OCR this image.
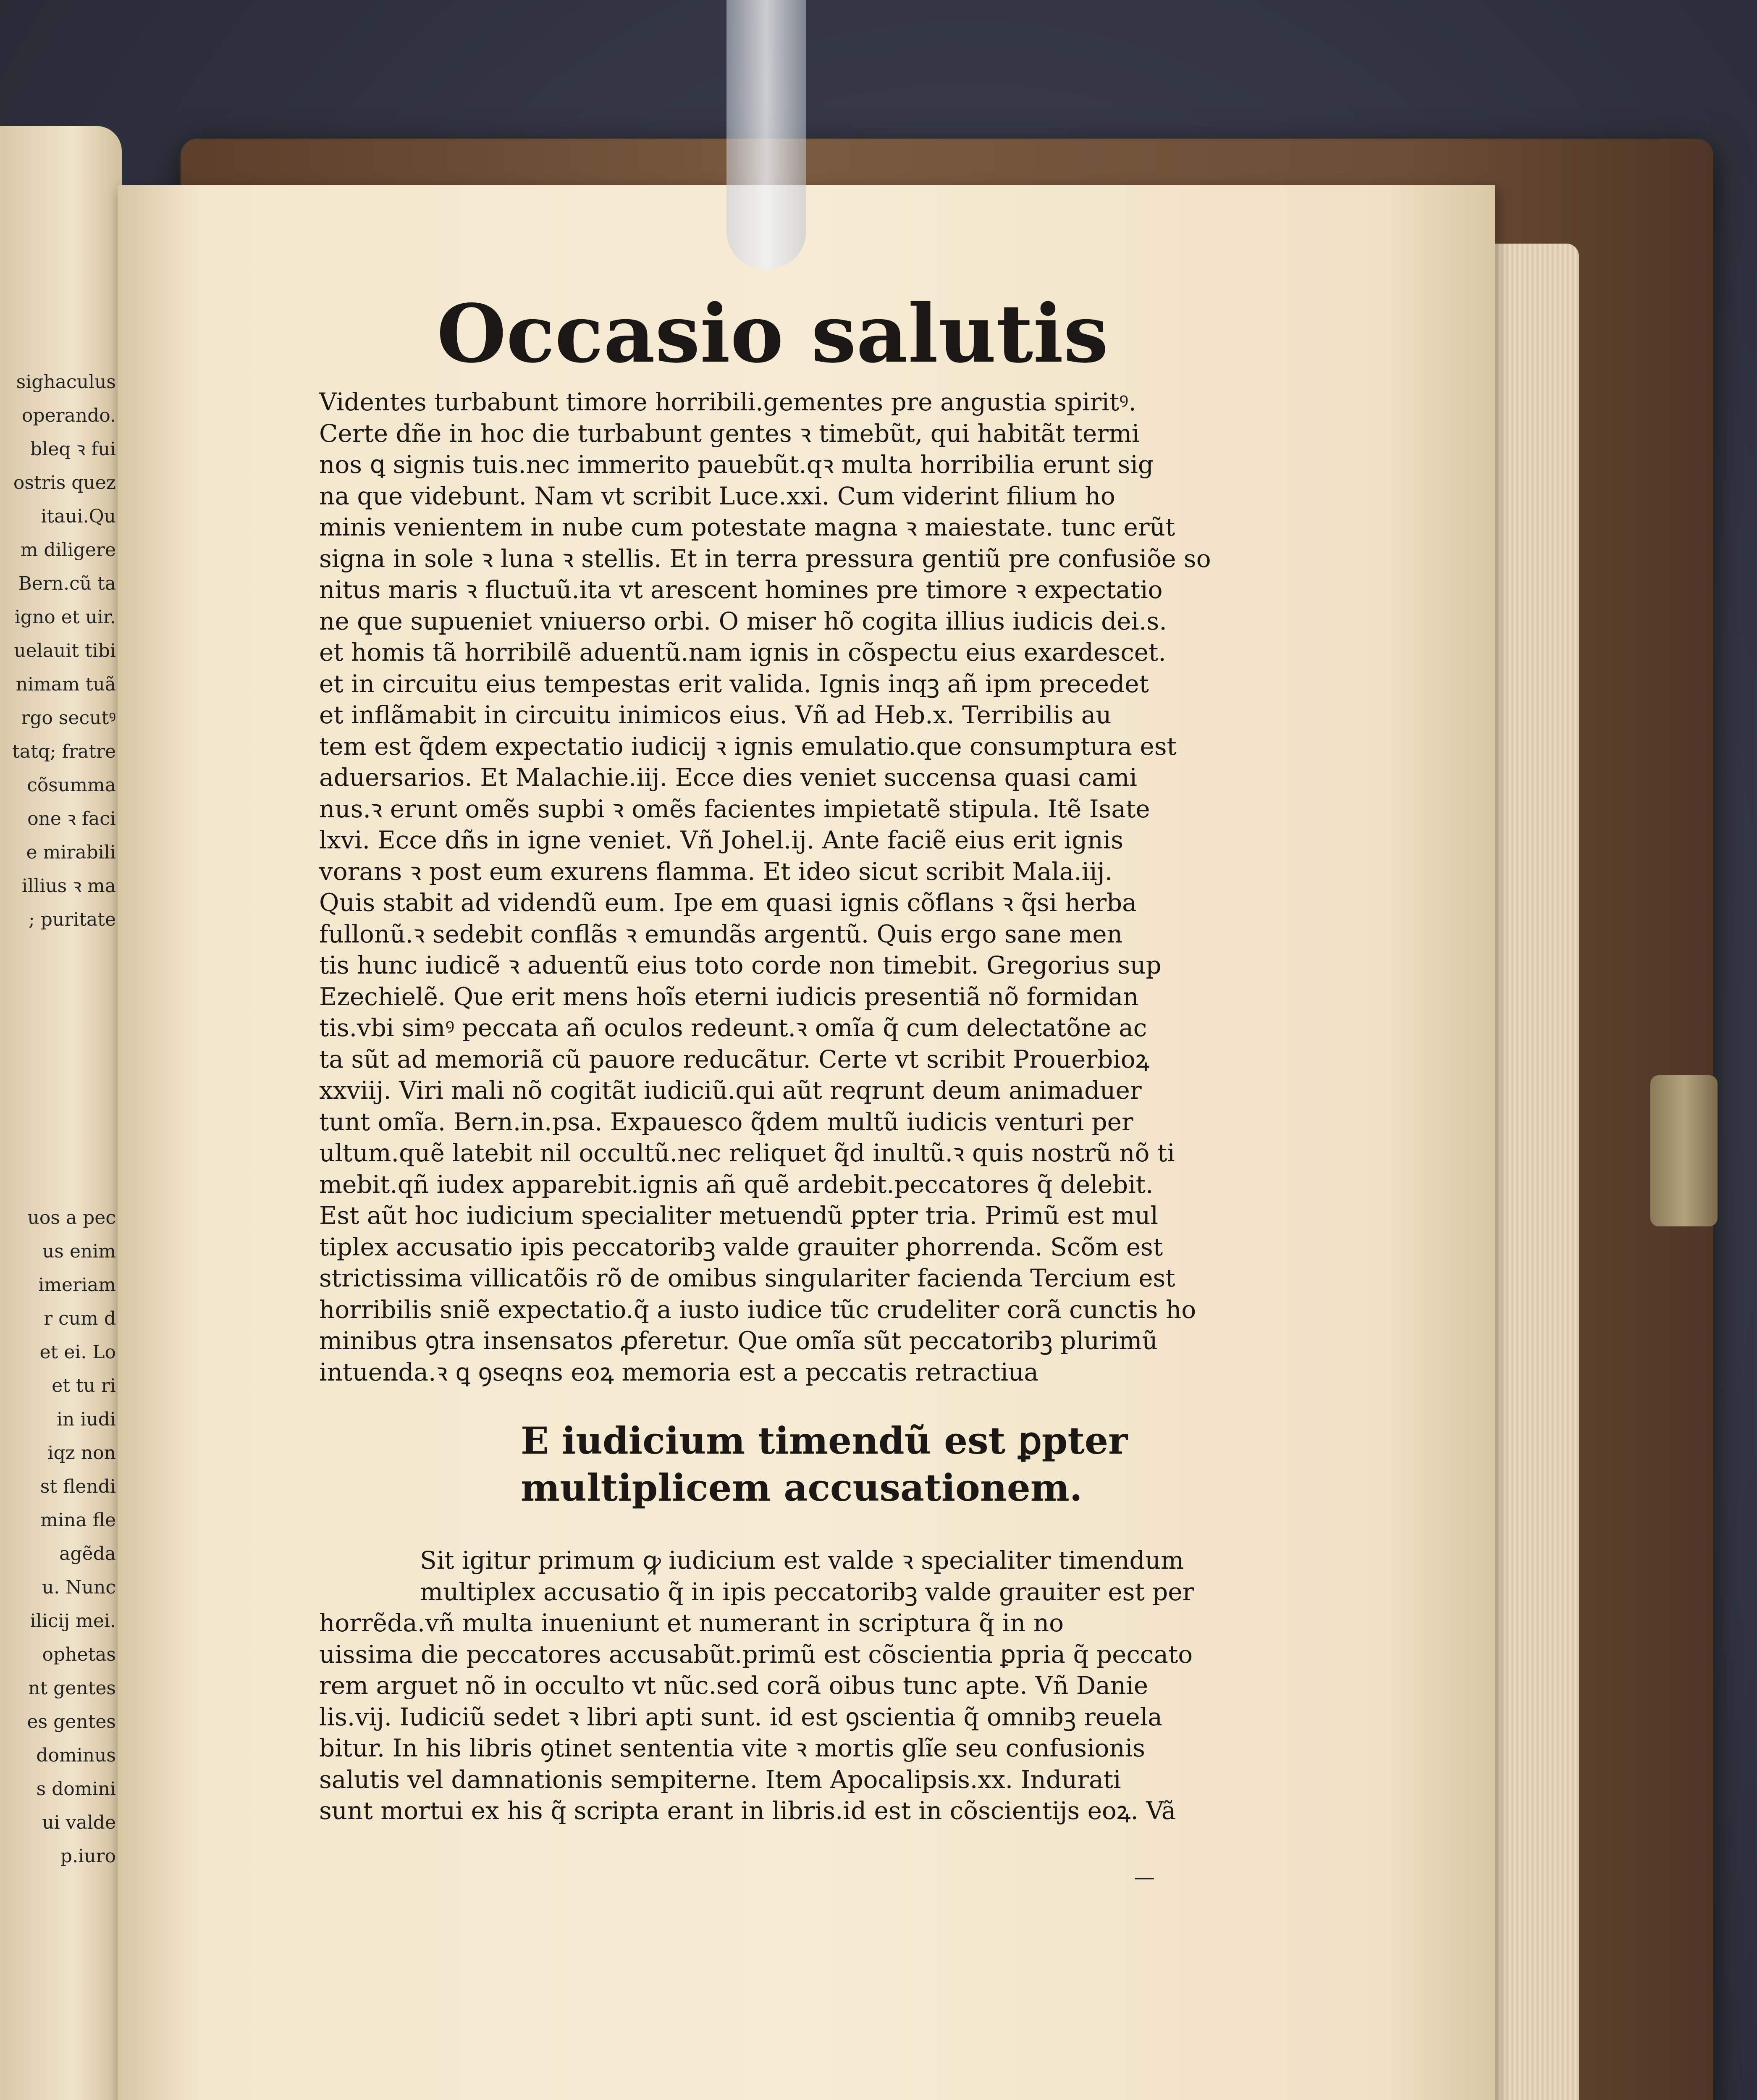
sighaculus
operando.
bleq ꝛ fui
ostris quez
itaui.Qu
m diligere
Bern.cũ ta
igno et uir.
uelauit tibi
nimam tuã
rgo secutꝰ
tatq; fratre
cõsumma
one ꝛ faci
e mirabili
illius ꝛ ma
; puritate
uos a pec
us enim
imeriam
r cum d
et ei. Lo
et tu ri
in iudi
iqz non
st flendi
mina fle
agẽda
u. Nunc
ilicij mei.
ophetas
nt gentes
es gentes
dominus
s domini
ui valde
p.iuro
Occasio salutis
Videntes turbabunt timore horribili.gementes pre angustia spiritꝰ.
Certe dñe in hoc die turbabunt gentes ꝛ timebũt, qui habitãt termi
nos ꝗ signis tuis.nec immerito pauebũt.qꝛ multa horribilia erunt sig
na que videbunt. Nam vt scribit Luce.xxi. Cum viderint filium ho
minis venientem in nube cum potestate magna ꝛ maiestate. tunc erũt
signa in sole ꝛ luna ꝛ stellis. Et in terra pressura gentiũ pre confusiõe so
nitus maris ꝛ fluctuũ.ita vt arescent homines pre timore ꝛ expectatio
ne que supueniet vniuerso orbi. O miser hõ cogita illius iudicis dei.s.
et homis tã horribilẽ aduentũ.nam ignis in cõspectu eius exardescet.
et in circuitu eius tempestas erit valida. Ignis inqꝫ añ ipm precedet
et inflãmabit in circuitu inimicos eius. Vñ ad Heb.x. Terribilis au
tem est q̃dem expectatio iudicij ꝛ ignis emulatio.que consumptura est
aduersarios. Et Malachie.iij. Ecce dies veniet succensa quasi cami
nus.ꝛ erunt omẽs supbi ꝛ omẽs facientes impietatẽ stipula. Itẽ Isate
lxvi. Ecce dñs in igne veniet. Vñ Johel.ij. Ante faciẽ eius erit ignis
vorans ꝛ post eum exurens flamma. Et ideo sicut scribit Mala.iij.
Quis stabit ad videndũ eum. Ipe em quasi ignis cõflans ꝛ q̃si herba
fullonũ.ꝛ sedebit conflãs ꝛ emundãs argentũ. Quis ergo sane men
tis hunc iudicẽ ꝛ aduentũ eius toto corde non timebit. Gregorius sup
Ezechielẽ. Que erit mens hoĩs eterni iudicis presentiã nõ formidan
tis.vbi simꝰ peccata añ oculos redeunt.ꝛ omĩa q̃ cum delectatõne ac
ta sũt ad memoriã cũ pauore reducãtur. Certe vt scribit Prouerbioꝝ
xxviij. Viri mali nõ cogitãt iudiciũ.qui aũt reqrunt deum animaduer
tunt omĩa. Bern.in.psa. Expauesco q̃dem multũ iudicis venturi per
ultum.quẽ latebit nil occultũ.nec reliquet q̃d inultũ.ꝛ quis nostrũ nõ ti
mebit.qñ iudex apparebit.ignis añ quẽ ardebit.peccatores q̃ delebit.
Est aũt hoc iudicium specialiter metuendũ ꝑpter tria. Primũ est mul
tiplex accusatio ipis peccatoribꝫ valde grauiter ꝑhorrenda. Scõm est
strictissima villicatõis rõ de omibus singulariter facienda Tercium est
horribilis sniẽ expectatio.q̃ a iusto iudice tũc crudeliter corã cunctis ho
minibus ꝯtra insensatos ꝓferetur. Que omĩa sũt peccatoribꝫ plurimũ
intuenda.ꝛ ꝗ ꝯseqns eoꝝ memoria est a peccatis retractiua
E iudicium timendũ est ꝑpter
multiplicem accusationem.
Sit igitur primum ꝙ iudicium est valde ꝛ specialiter timendum
multiplex accusatio q̃ in ipis peccatoribꝫ valde grauiter est per
horrẽda.vñ multa inueniunt et numerant in scriptura q̃ in no
uissima die peccatores accusabũt.primũ est cõscientia ꝑpria q̃ peccato
rem arguet nõ in occulto vt nũc.sed corã oibus tunc apte. Vñ Danie
lis.vij. Iudiciũ sedet ꝛ libri apti sunt. id est ꝯscientia q̃ omnibꝫ reuela
bitur. In his libris ꝯtinet sententia vite ꝛ mortis glĩe seu confusionis
salutis vel damnationis sempiterne. Item Apocalipsis.xx. Indurati
sunt mortui ex his q̃ scripta erant in libris.id est in cõscientijs eoꝝ. Vã
—
